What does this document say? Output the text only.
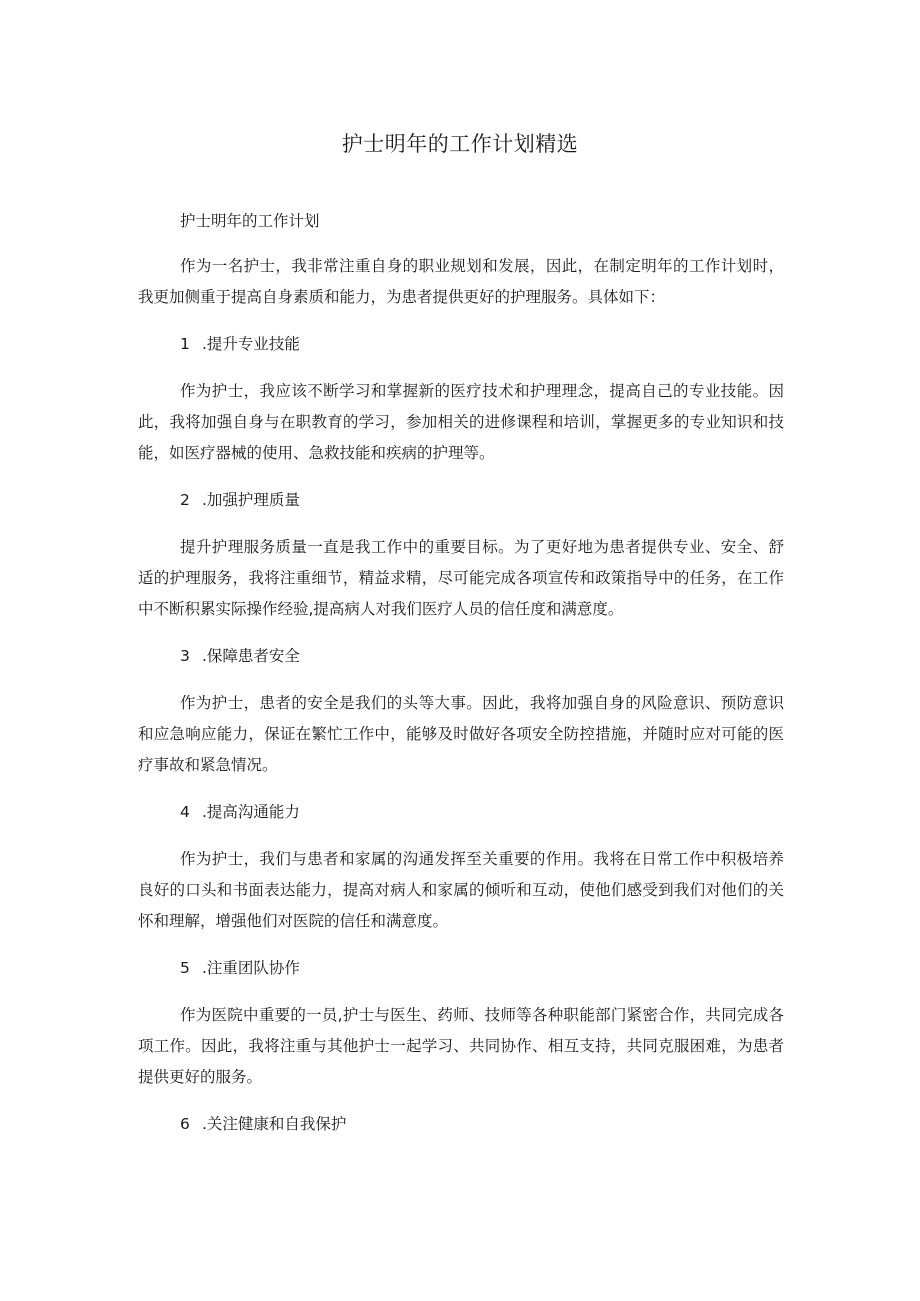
护士明年的工作计划精选

护士明年的工作计划

作为一名护士，我非常注重自身的职业规划和发展，因此，在制定明年的工作计划时，我更加侧重于提高自身素质和能力，为患者提供更好的护理服务。具体如下：

1 .提升专业技能

作为护士，我应该不断学习和掌握新的医疗技术和护理理念，提高自己的专业技能。因此，我将加强自身与在职教育的学习，参加相关的进修课程和培训，掌握更多的专业知识和技能，如医疗器械的使用、急救技能和疾病的护理等。

2 .加强护理质量

提升护理服务质量一直是我工作中的重要目标。为了更好地为患者提供专业、安全、舒适的护理服务，我将注重细节，精益求精，尽可能完成各项宣传和政策指导中的任务，在工作中不断积累实际操作经验,提高病人对我们医疗人员的信任度和满意度。

3 .保障患者安全

作为护士，患者的安全是我们的头等大事。因此，我将加强自身的风险意识、预防意识和应急响应能力，保证在繁忙工作中，能够及时做好各项安全防控措施，并随时应对可能的医疗事故和紧急情况。

4 .提高沟通能力

作为护士，我们与患者和家属的沟通发挥至关重要的作用。我将在日常工作中积极培养良好的口头和书面表达能力，提高对病人和家属的倾听和互动，使他们感受到我们对他们的关怀和理解，增强他们对医院的信任和满意度。

5 .注重团队协作

作为医院中重要的一员,护士与医生、药师、技师等各种职能部门紧密合作，共同完成各项工作。因此，我将注重与其他护士一起学习、共同协作、相互支持，共同克服困难，为患者提供更好的服务。

6 .关注健康和自我保护
